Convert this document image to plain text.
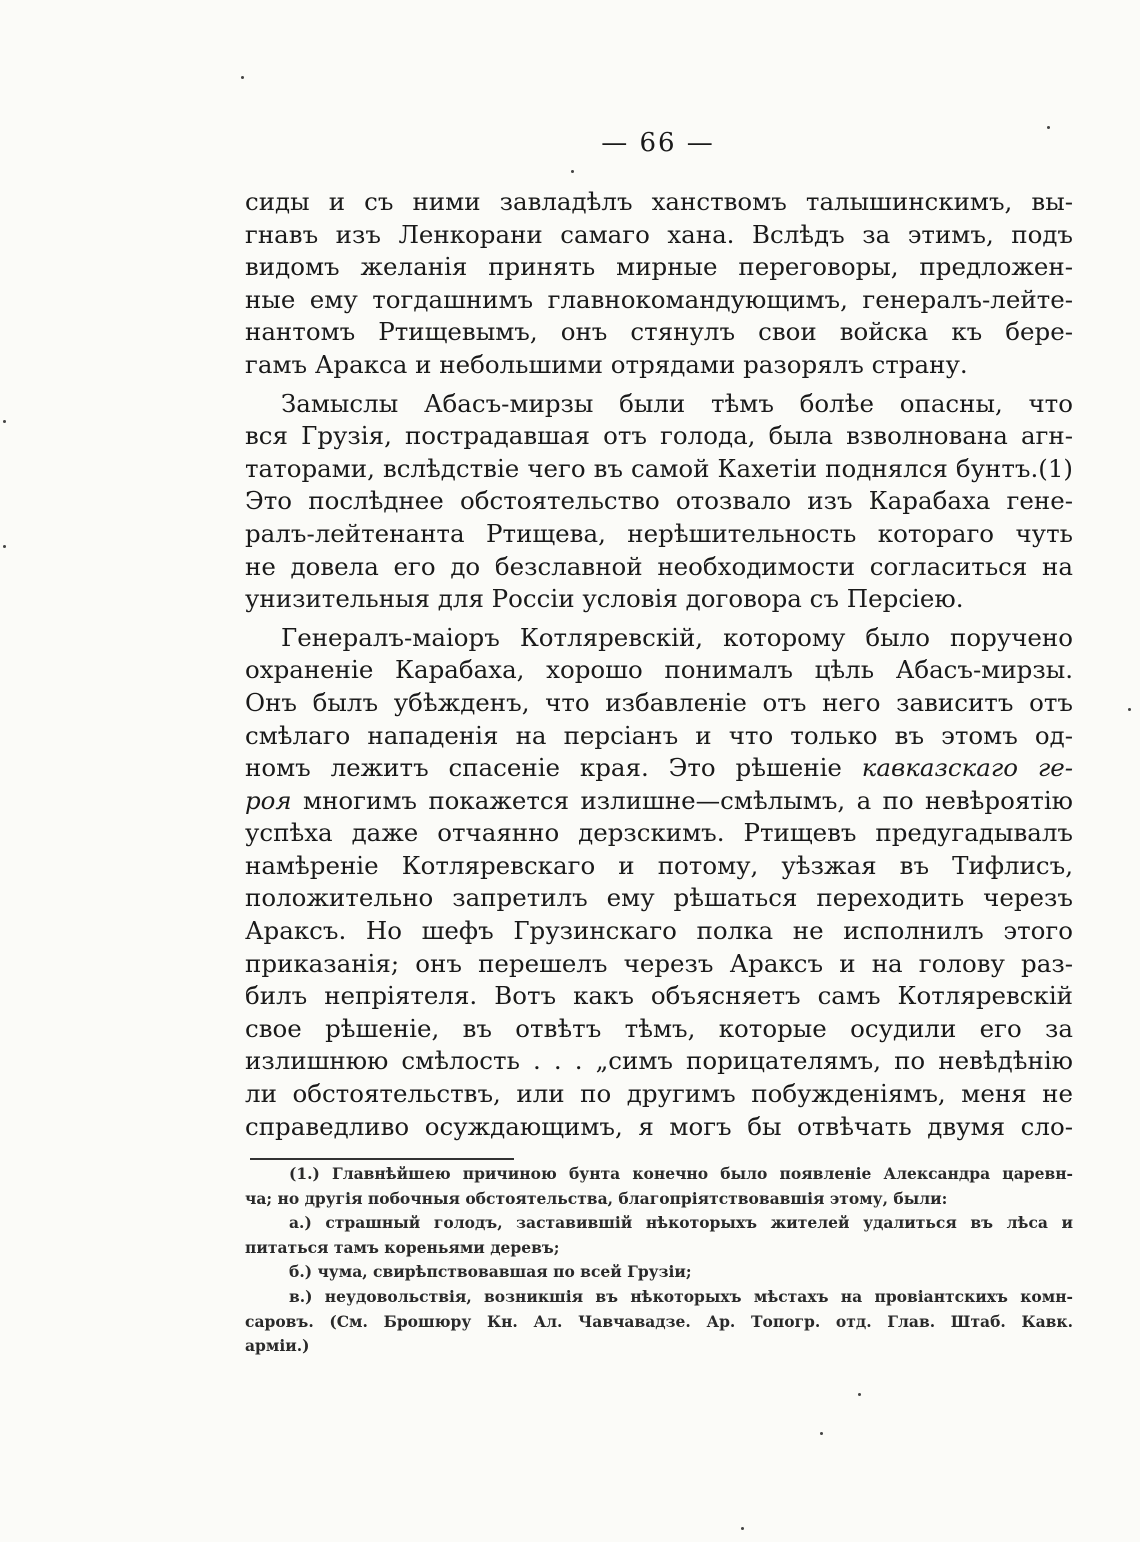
— 66 —
сиды и съ ними завладѣлъ ханствомъ талышинскимъ, вы-
гнавъ изъ Ленкорани самаго хана. Вслѣдъ за этимъ, подъ
видомъ желанія принять мирные переговоры, предложен-
ные ему тогдашнимъ главнокомандующимъ, генералъ-лейте-
нантомъ Ртищевымъ, онъ стянулъ свои войска къ бере-
гамъ Аракса и небольшими отрядами разорялъ страну.
Замыслы Абасъ-мирзы были тѣмъ болѣе опасны, что
вся Грузія, пострадавшая отъ голода, была взволнована агн-
таторами, вслѣдствіе чего въ самой Кахетіи поднялся бунтъ.(1)
Это послѣднее обстоятельство отозвало изъ Карабаха гене-
ралъ-лейтенанта Ртищева, нерѣшительность котораго чуть
не довела его до безславной необходимости согласиться на
унизительныя для Россіи условія договора съ Персіею.
Генералъ-маіоръ Котляревскій, которому было поручено
охраненіе Карабаха, хорошо понималъ цѣль Абасъ-мирзы.
Онъ былъ убѣжденъ, что избавленіе отъ него зависитъ отъ
смѣлаго нападенія на персіанъ и что только въ этомъ од-
номъ лежитъ спасеніе края. Это рѣшеніе кавказскаго ге-
роя многимъ покажется излишне—смѣлымъ, а по невѣроятію
успѣха даже отчаянно дерзскимъ. Ртищевъ предугадывалъ
намѣреніе Котляревскаго и потому, уѣзжая въ Тифлисъ,
положительно запретилъ ему рѣшаться переходить черезъ
Араксъ. Но шефъ Грузинскаго полка не исполнилъ этого
приказанія; онъ перешелъ черезъ Араксъ и на голову раз-
билъ непріятеля. Вотъ какъ объясняетъ самъ Котляревскій
свое рѣшеніе, въ отвѣтъ тѣмъ, которые осудили его за
излишнюю смѣлость . . . „симъ порицателямъ, по невѣдѣнію
ли обстоятельствъ, или по другимъ побужденіямъ, меня не
справедливо осуждающимъ, я могъ бы отвѣчать двумя сло-
(1.) Главнѣйшею причиною бунта конечно было появленіе Александра царевн-
ча; но другія побочныя обстоятельства, благопріятствовавшія этому, были:
а.) страшный голодъ, заставившій нѣкоторыхъ жителей удалиться въ лѣса и
питаться тамъ кореньями деревъ;
б.) чума, свирѣпствовавшая по всей Грузіи;
в.) неудовольствія, возникшія въ нѣкоторыхъ мѣстахъ на провіантскихъ комн-
саровъ. (См. Брошюру Кн. Ал. Чавчавадзе. Ар. Топогр. отд. Глав. Штаб. Кавк.
арміи.)
